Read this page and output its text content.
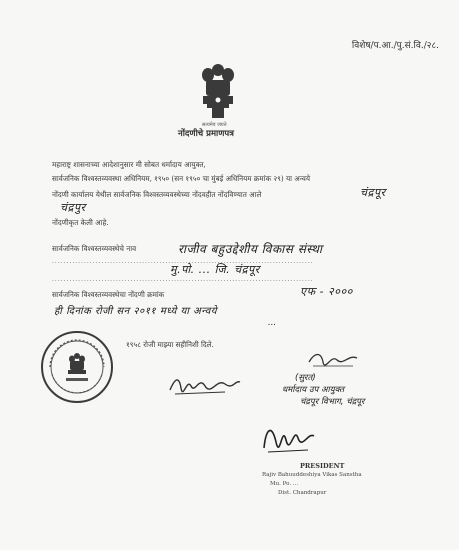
विशेष/प.आ./पु.सं.वि./२८.
सत्यमेव जयते
नोंदणीचे प्रमाणपत्र
महाराष्ट्र शासनाच्या आदेशानुसार मी सोबत धर्मादाय आयुक्त,
सार्वजनिक विश्वस्तव्यवस्था अधिनियम, १९५० (सन १९५० चा मुंबई अधिनियम क्रमांक २९) या अन्वये
नोंदणी कार्यालय येथील सार्वजनिक विश्वस्तव्यवस्थेच्या नोंदवहीत नोंदविण्यात आले	चंद्रपूर
चंद्रपुर
नोंदणीकृत केली आहे.
सार्वजनिक विश्वस्तव्यवस्थेचे नाव	राजीव बहुउद्देशीय विकास संस्था
..........................................................................................
मु.पो. ... जि. चंद्रपूर
..........................................................................................
सार्वजनिक विश्वस्तव्यवस्थेचा नोंदणी क्रमांक	एफ - २०००
ही दिनांक रोजी सन २०११ मध्ये या अन्वये
...
१९५८ रोजी माझ्या सहीनिशी दिले.
(सुरत)
धर्मादाय उप आयुक्त
चंद्रपूर विभाग, चंद्रपूर
PRESIDENT
Rajiv Bahuuddeshiya Vikas Sanstha
Mu. Po. ...
Dist. Chandrapur
